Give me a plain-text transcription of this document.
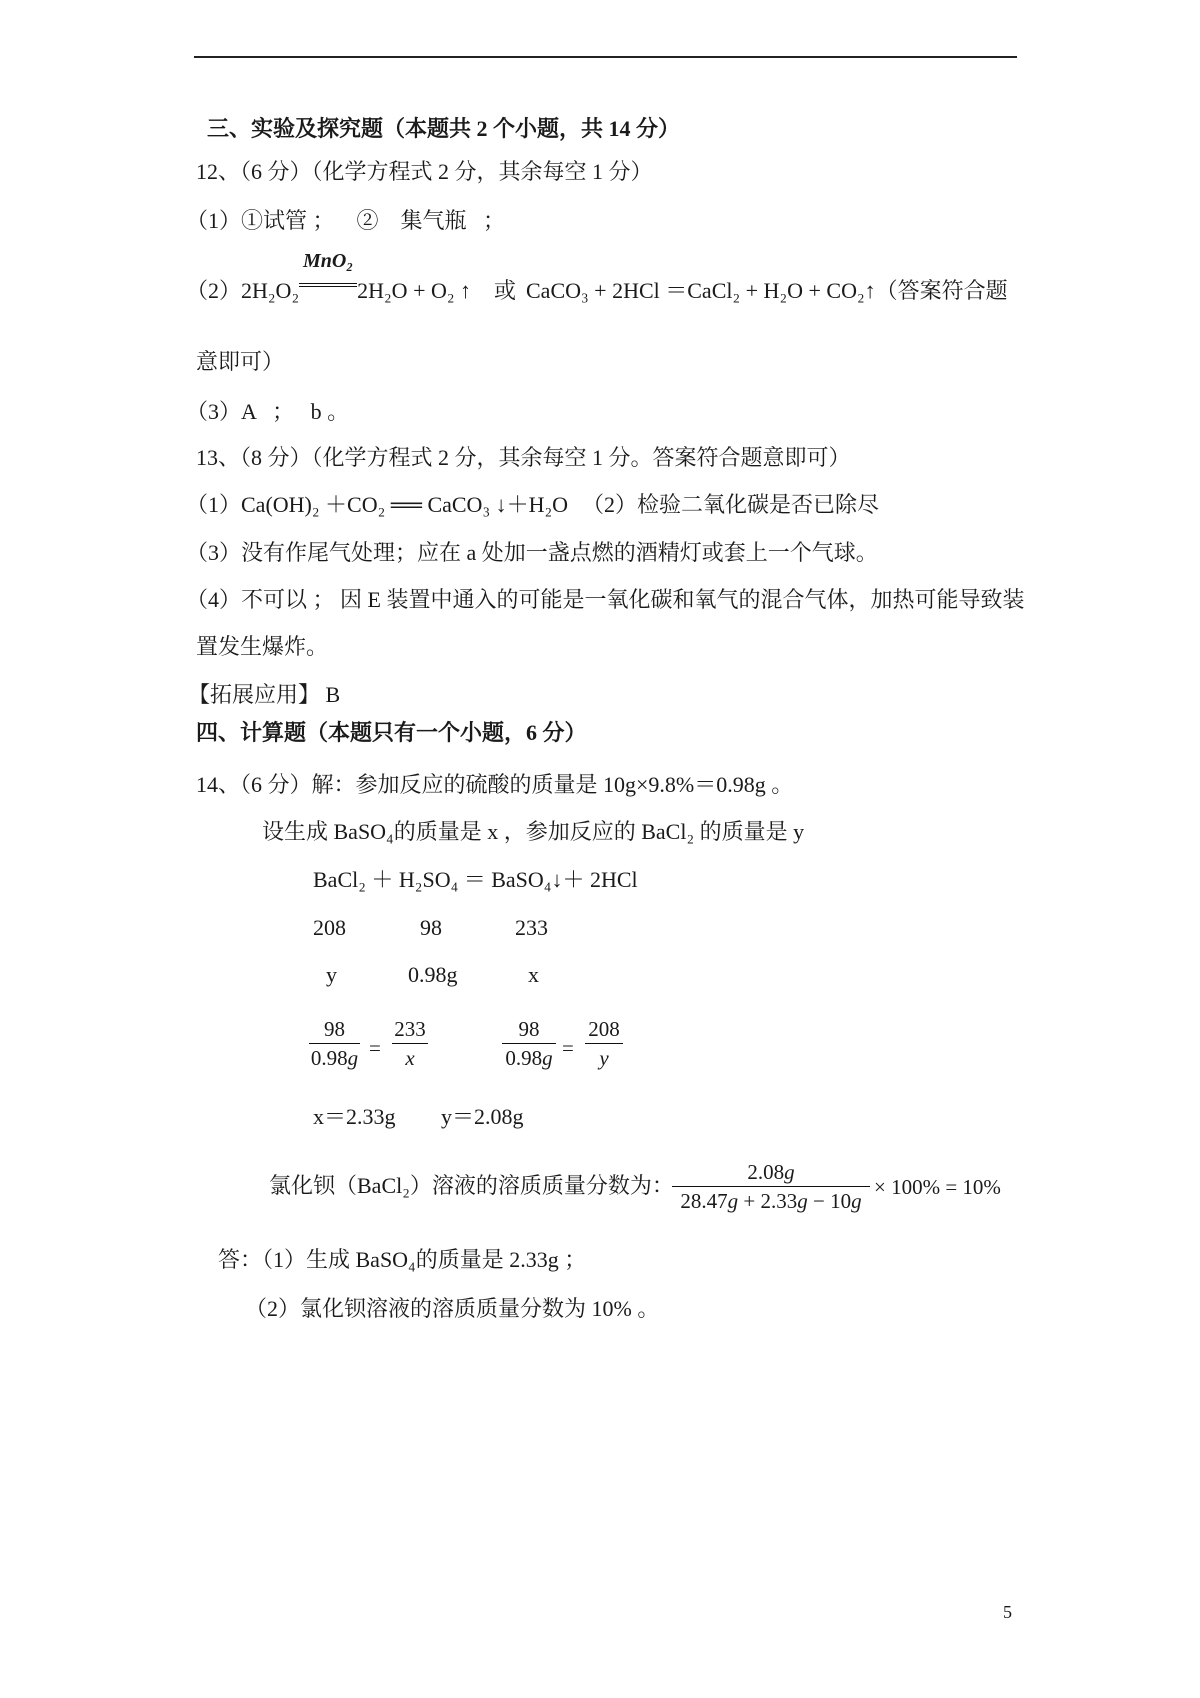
三、实验及探究题（本题共 2 个小题，共 14 分）
12、（6 分）（化学方程式 2 分，其余每空 1 分）
（1）①试管 ；    ②    集气瓶   ；
（2）2H₂O₂
MnO₂
2H₂O + O₂ ↑ 或 CaCO₃ + 2HCl ＝CaCl₂ + H₂O + CO₂↑（答案符合题
意即可）
（3）A   ；   b 。
13、（8 分）（化学方程式 2 分，其余每空 1 分。答案符合题意即可）
（1）Ca(OH)₂ ＋CO₂ ══ CaCO₃ ↓＋H₂O （2）检验二氧化碳是否已除尽
（3）没有作尾气处理；应在 a 处加一盏点燃的酒精灯或套上一个气球。
（4）不可以 ； 因 E 装置中通入的可能是一氧化碳和氧气的混合气体，加热可能导致装
置发生爆炸。
【拓展应用】 B
四、计算题（本题只有一个小题，6 分）
14、（6 分）解：参加反应的硫酸的质量是 10g×9.8%＝0.98g 。
设生成 BaSO₄的质量是 x ，参加反应的 BaCl₂ 的质量是 y
BaCl₂ ＋ H₂SO₄ ＝ BaSO₄↓＋ 2HCl
208	98	233
y	0.98g	x
98
0.98g =
233
x
98
0.98g =
208
y
x＝2.33g y＝2.08g
氯化钡（BaCl₂）溶液的溶质质量分数为：
2.08g
28.47g + 2.33g − 10g
× 100% = 10%
答：（1）生成 BaSO₄的质量是 2.33g ；
（2）氯化钡溶液的溶质质量分数为 10% 。
5
